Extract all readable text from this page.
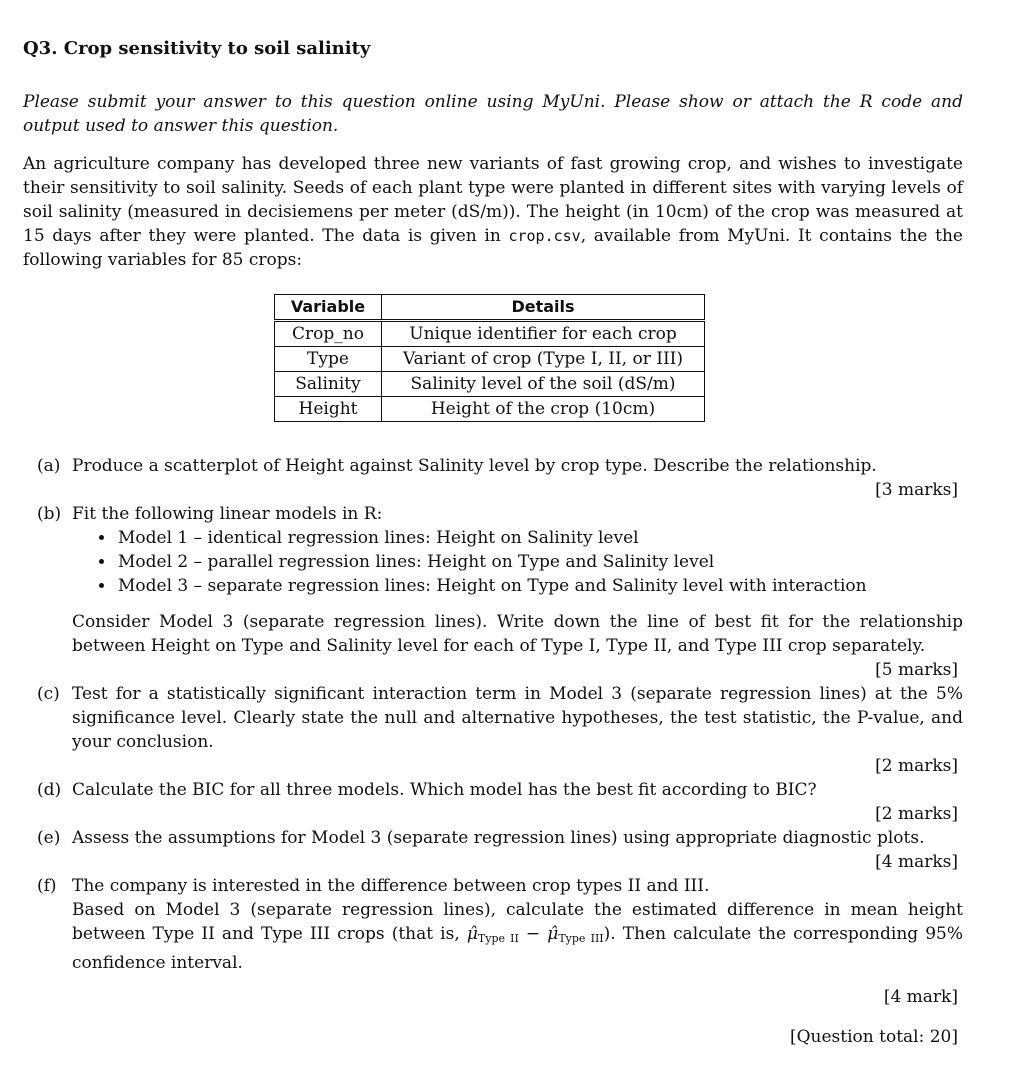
Q3. Crop sensitivity to soil salinity

Please submit your answer to this question online using MyUni. Please show or attach the R code and output used to answer this question.

An agriculture company has developed three new variants of fast growing crop, and wishes to investigate their sensitivity to soil salinity. Seeds of each plant type were planted in different sites with varying levels of soil salinity (measured in decisiemens per meter (dS/m)). The height (in 10cm) of the crop was measured at 15 days after they were planted. The data is given in crop.csv, available from MyUni. It contains the the following variables for 85 crops:

Variable	Details
Crop_no	Unique identifier for each crop
Type	Variant of crop (Type I, II, or III)
Salinity	Salinity level of the soil (dS/m)
Height	Height of the crop (10cm)
(a) Produce a scatterplot of Height against Salinity level by crop type. Describe the relationship.
[3 marks]
(b) Fit the following linear models in R:
• Model 1 – identical regression lines: Height on Salinity level
• Model 2 – parallel regression lines: Height on Type and Salinity level
• Model 3 – separate regression lines: Height on Type and Salinity level with interaction
Consider Model 3 (separate regression lines). Write down the line of best fit for the relationship between Height on Type and Salinity level for each of Type I, Type II, and Type III crop separately.
[5 marks]
(c) Test for a statistically significant interaction term in Model 3 (separate regression lines) at the 5% significance level. Clearly state the null and alternative hypotheses, the test statistic, the P-value, and your conclusion.
[2 marks]
(d) Calculate the BIC for all three models. Which model has the best fit according to BIC?
[2 marks]
(e) Assess the assumptions for Model 3 (separate regression lines) using appropriate diagnostic plots.
[4 marks]
(f) The company is interested in the difference between crop types II and III.
Based on Model 3 (separate regression lines), calculate the estimated difference in mean height between Type II and Type III crops (that is, $\mû_{Type II}$ − $\mû_{Type III}$). Then calculate the corresponding 95% confidence interval.
[4 mark]
[Question total: 20]
